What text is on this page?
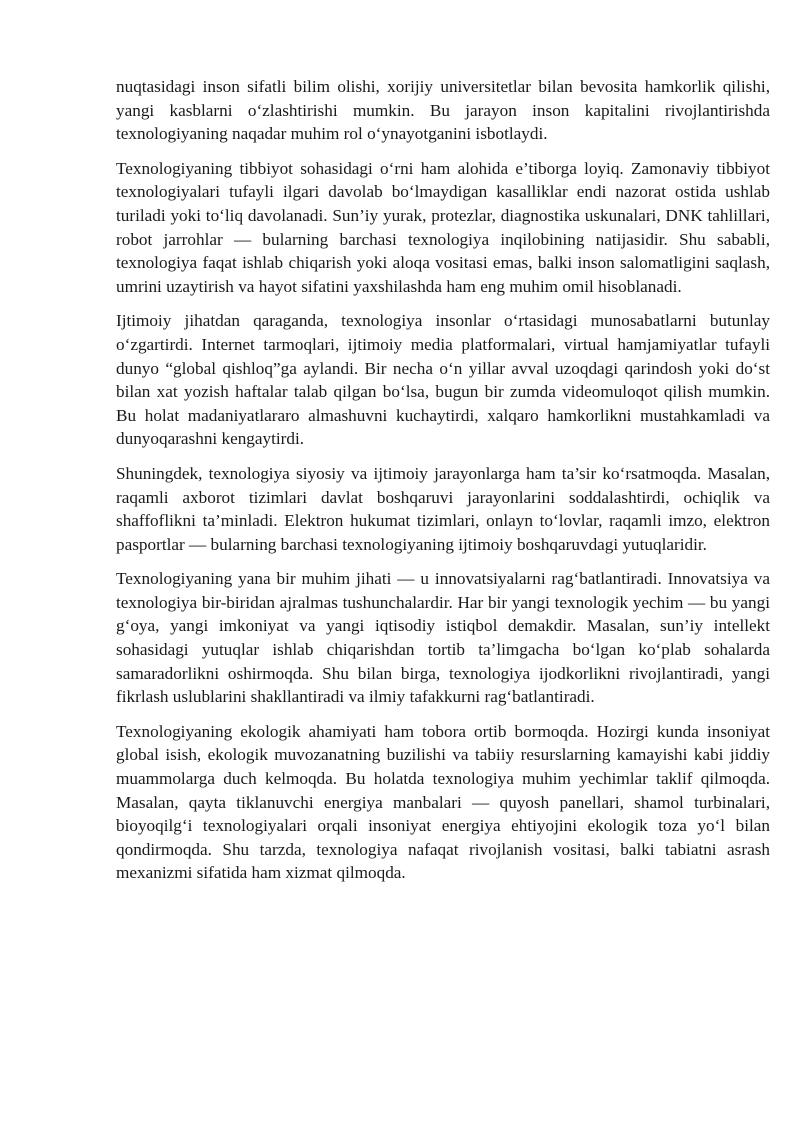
nuqtasidagi inson sifatli bilim olishi, xorijiy universitetlar bilan bevosita hamkorlik qilishi, yangi kasblarni o‘zlashtirishi mumkin. Bu jarayon inson kapitalini rivojlantirishda texnologiyaning naqadar muhim rol o‘ynayotganini isbotlaydi.

Texnologiyaning tibbiyot sohasidagi o‘rni ham alohida e’tiborga loyiq. Zamonaviy tibbiyot texnologiyalari tufayli ilgari davolab bo‘lmaydigan kasalliklar endi nazorat ostida ushlab turiladi yoki to‘liq davolanadi. Sun’iy yurak, protezlar, diagnostika uskunalari, DNK tahlillari, robot jarrohlar — bularning barchasi texnologiya inqilobining natijasidir. Shu sababli, texnologiya faqat ishlab chiqarish yoki aloqa vositasi emas, balki inson salomatligini saqlash, umrini uzaytirish va hayot sifatini yaxshilashda ham eng muhim omil hisoblanadi.

Ijtimoiy jihatdan qaraganda, texnologiya insonlar o‘rtasidagi munosabatlarni butunlay o‘zgartirdi. Internet tarmoqlari, ijtimoiy media platformalari, virtual hamjamiyatlar tufayli dunyo “global qishloq”ga aylandi. Bir necha o‘n yillar avval uzoqdagi qarindosh yoki do‘st bilan xat yozish haftalar talab qilgan bo‘lsa, bugun bir zumda videomuloqot qilish mumkin. Bu holat madaniyatlararo almashuvni kuchaytirdi, xalqaro hamkorlikni mustahkamladi va dunyoqarashni kengaytirdi.

Shuningdek, texnologiya siyosiy va ijtimoiy jarayonlarga ham ta’sir ko‘rsatmoqda. Masalan, raqamli axborot tizimlari davlat boshqaruvi jarayonlarini soddalashtirdi, ochiqlik va shaffoflikni ta’minladi. Elektron hukumat tizimlari, onlayn to‘lovlar, raqamli imzo, elektron pasportlar — bularning barchasi texnologiyaning ijtimoiy boshqaruvdagi yutuqlaridir.

Texnologiyaning yana bir muhim jihati — u innovatsiyalarni rag‘batlantiradi. Innovatsiya va texnologiya bir-biridan ajralmas tushunchalardir. Har bir yangi texnologik yechim — bu yangi g‘oya, yangi imkoniyat va yangi iqtisodiy istiqbol demakdir. Masalan, sun’iy intellekt sohasidagi yutuqlar ishlab chiqarishdan tortib ta’limgacha bo‘lgan ko‘plab sohalarda samaradorlikni oshirmoqda. Shu bilan birga, texnologiya ijodkorlikni rivojlantiradi, yangi fikrlash uslublarini shakllantiradi va ilmiy tafakkurni rag‘batlantiradi.

Texnologiyaning ekologik ahamiyati ham tobora ortib bormoqda. Hozirgi kunda insoniyat global isish, ekologik muvozanatning buzilishi va tabiiy resurslarning kamayishi kabi jiddiy muammolarga duch kelmoqda. Bu holatda texnologiya muhim yechimlar taklif qilmoqda. Masalan, qayta tiklanuvchi energiya manbalari — quyosh panellari, shamol turbinalari, bioyoqilg‘i texnologiyalari orqali insoniyat energiya ehtiyojini ekologik toza yo‘l bilan qondirmoqda. Shu tarzda, texnologiya nafaqat rivojlanish vositasi, balki tabiatni asrash mexanizmi sifatida ham xizmat qilmoqda.
